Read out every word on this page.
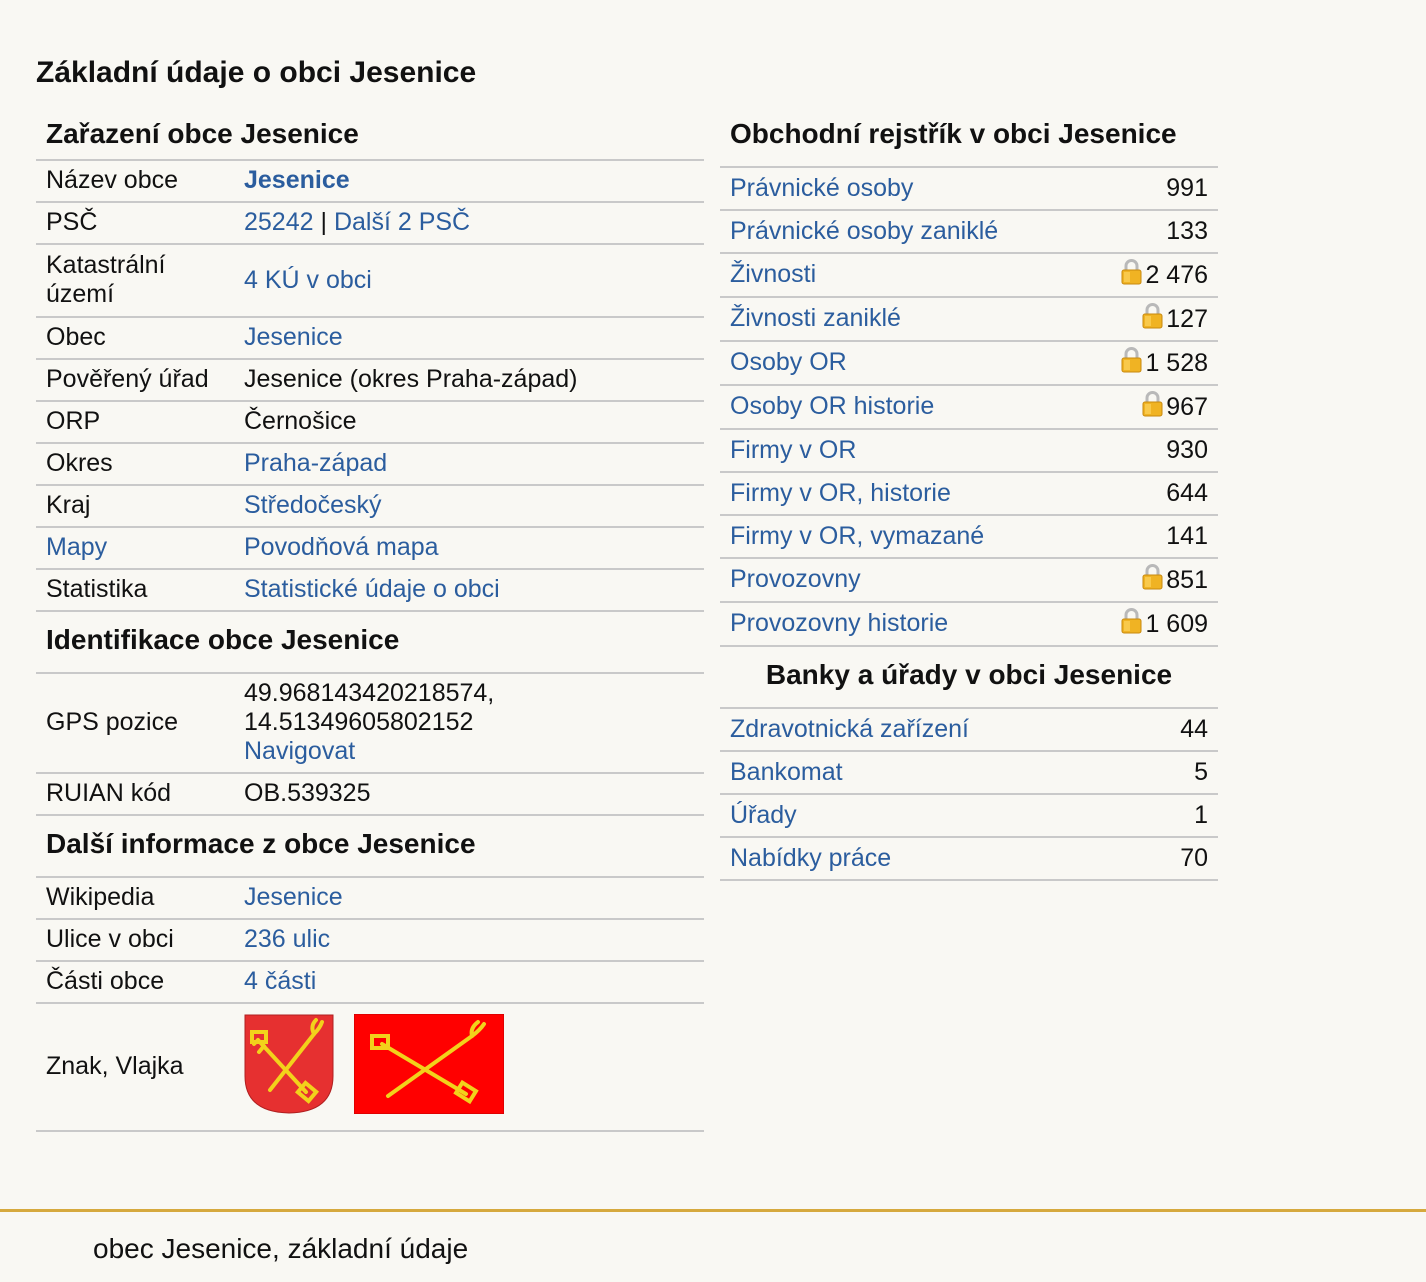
Základní údaje o obci Jesenice
Zařazení obce Jesenice
Název obce	Jesenice
PSČ	25242 | Další 2 PSČ
Katastrální území	4 KÚ v obci
Obec	Jesenice
Pověřený úřad	Jesenice (okres Praha-západ)
ORP	Černošice
Okres	Praha-západ
Kraj	Středočeský
Mapy	Povodňová mapa
Statistika	Statistické údaje o obci
Identifikace obce Jesenice
GPS pozice	49.968143420218574,
14.51349605802152
Navigovat

RUIAN kód	OB.539325
Další informace z obce Jesenice
Wikipedia	Jesenice
Ulice v obci	236 ulic
Části obce	4 části
Znak, Vlajka	
Obchodní rejstřík v obci Jesenice
Právnické osoby	991
Právnické osoby zaniklé	133
Živnosti	2 476
Živnosti zaniklé	127
Osoby OR	1 528
Osoby OR historie	967
Firmy v OR	930
Firmy v OR, historie	644
Firmy v OR, vymazané	141
Provozovny	851
Provozovny historie	1 609
Banky a úřady v obci Jesenice
Zdravotnická zařízení	44
Bankomat	5
Úřady	1
Nabídky práce	70
obec Jesenice, základní údaje
